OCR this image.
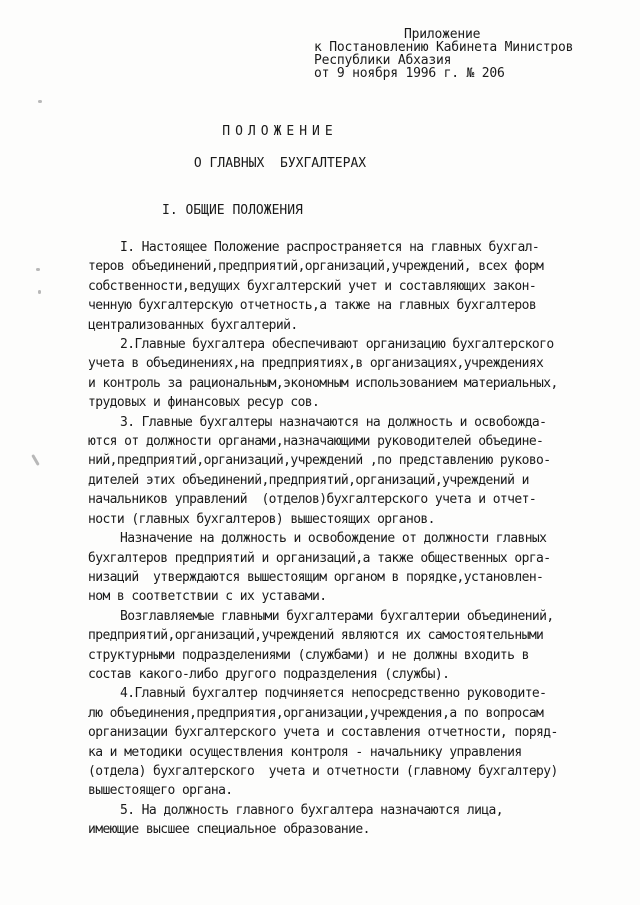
Приложение
к Постановлению Кабинета Министров
Республики Абхазия
от 9 ноября 1996 г. № 206
ПОЛОЖЕНИЕ
О ГЛАВНЫХ  БУХГАЛТЕРАХ
I. ОБЩИЕ ПОЛОЖЕНИЯ
I. Настоящее Положение распространяется на главных бухгал-
теров объединений,предприятий,организаций,учреждений, всех форм
собственности,ведущих бухгалтерский учет и составляющих закон-
ченную бухгалтерскую отчетность,а также на главных бухгалтеров
централизованных бухгалтерий.
2.Главные бухгалтера обеспечивают организацию бухгалтерского
учета в объединениях,на предприятиях,в организациях,учреждениях
и контроль за рациональным,экономным использованием материальных,
трудовых и финансовых ресур сов.
3. Главные бухгалтеры назначаются на должность и освобожда-
ются от должности органами,назначающими руководителей объедине-
ний,предприятий,организаций,учреждений ,по представлению руково-
дителей этих объединений,предприятий,организаций,учреждений и
начальников управлений  (отделов)бухгалтерского учета и отчет-
ности (главных бухгалтеров) вышестоящих органов.
Назначение на должность и освобождение от должности главных
бухгалтеров предприятий и организаций,а также общественных орга-
низаций  утверждаются вышестоящим органом в порядке,установлен-
ном в соответствии с их уставами.
Возглавляемые главными бухгалтерами бухгалтерии объединений,
предприятий,организаций,учреждений являются их самостоятельными
структурными подразделениями (службами) и не должны входить в
состав какого-либо другого подразделения (службы).
4.Главный бухгалтер подчиняется непосредственно руководите-
лю объединения,предприятия,организации,учреждения,а по вопросам
организации бухгалтерского учета и составления отчетности, поряд-
ка и методики осуществления контроля - начальнику управления
(отдела) бухгалтерского  учета и отчетности (главному бухгалтеру)
вышестоящего органа.
5. На должность главного бухгалтера назначаются лица,
имеющие высшее специальное образование.
